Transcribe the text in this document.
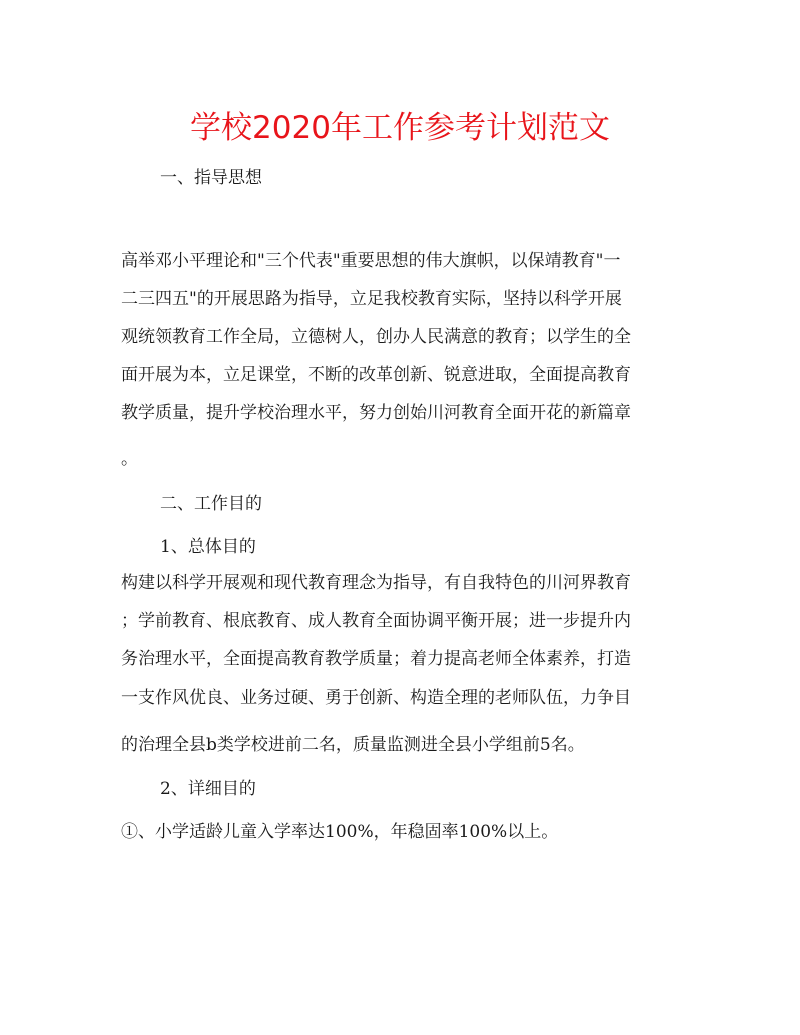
学校2020年工作参考计划范文

一、指导思想

高举邓小平理论和"三个代表"重要思想的伟大旗帜，以保靖教育"一

二三四五"的开展思路为指导，立足我校教育实际，坚持以科学开展

观统领教育工作全局，立德树人，创办人民满意的教育；以学生的全

面开展为本，立足课堂，不断的改革创新、锐意进取，全面提高教育

教学质量，提升学校治理水平，努力创始川河教育全面开花的新篇章

。

二、工作目的

1、总体目的

构建以科学开展观和现代教育理念为指导，有自我特色的川河界教育

；学前教育、根底教育、成人教育全面协调平衡开展；进一步提升内

务治理水平，全面提高教育教学质量；着力提高老师全体素养，打造

一支作风优良、业务过硬、勇于创新、构造全理的老师队伍，力争目

的治理全县b类学校进前二名，质量监测进全县小学组前5名。

2、详细目的

①、小学适龄儿童入学率达100%，年稳固率100%以上。
